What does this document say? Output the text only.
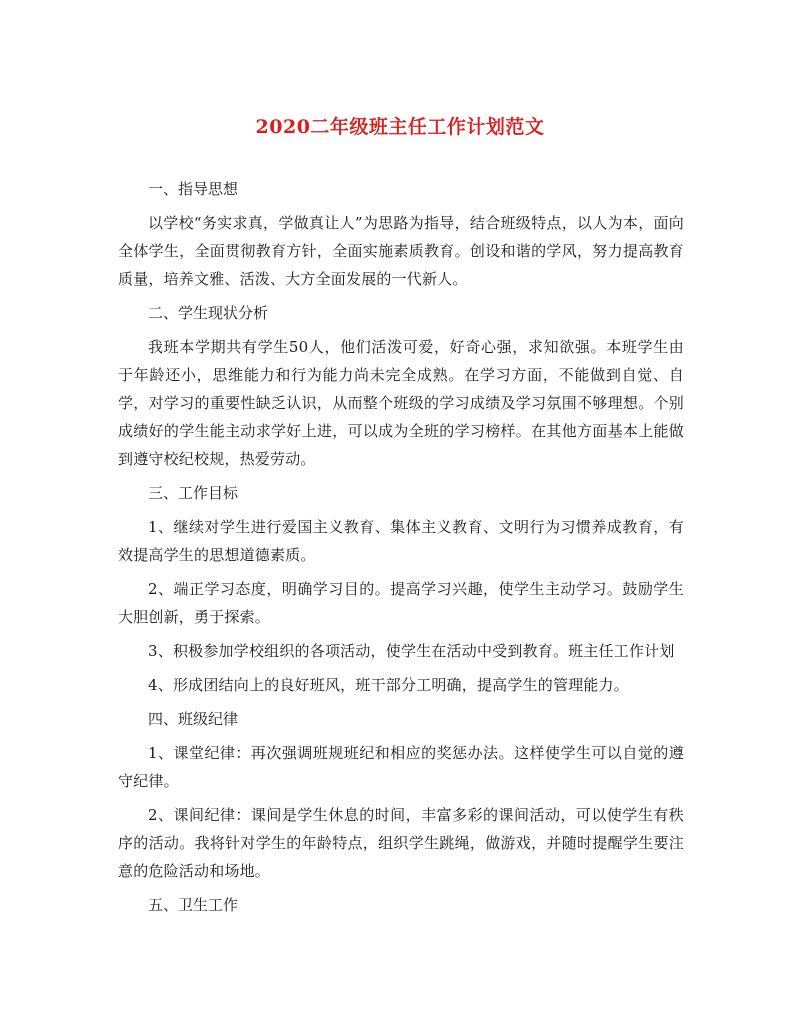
2020二年级班主任工作计划范文
一、指导思想

以学校“务实求真，学做真让人”为思路为指导，结合班级特点，以人为本，面向全体学生，全面贯彻教育方针，全面实施素质教育。创设和谐的学风，努力提高教育质量，培养文雅、活泼、大方全面发展的一代新人。

二、学生现状分析

我班本学期共有学生50人，他们活泼可爱，好奇心强，求知欲强。本班学生由于年龄还小，思维能力和行为能力尚未完全成熟。在学习方面，不能做到自觉、自学，对学习的重要性缺乏认识，从而整个班级的学习成绩及学习氛围不够理想。个别成绩好的学生能主动求学好上进，可以成为全班的学习榜样。在其他方面基本上能做到遵守校纪校规，热爱劳动。

三、工作目标

1、继续对学生进行爱国主义教育、集体主义教育、文明行为习惯养成教育，有效提高学生的思想道德素质。

2、端正学习态度，明确学习目的。提高学习兴趣，使学生主动学习。鼓励学生大胆创新，勇于探索。

3、积极参加学校组织的各项活动，使学生在活动中受到教育。班主任工作计划

4、形成团结向上的良好班风，班干部分工明确，提高学生的管理能力。

四、班级纪律

1、课堂纪律：再次强调班规班纪和相应的奖惩办法。这样使学生可以自觉的遵守纪律。

2、课间纪律：课间是学生休息的时间，丰富多彩的课间活动，可以使学生有秩序的活动。我将针对学生的年龄特点，组织学生跳绳，做游戏，并随时提醒学生要注意的危险活动和场地。

五、卫生工作
